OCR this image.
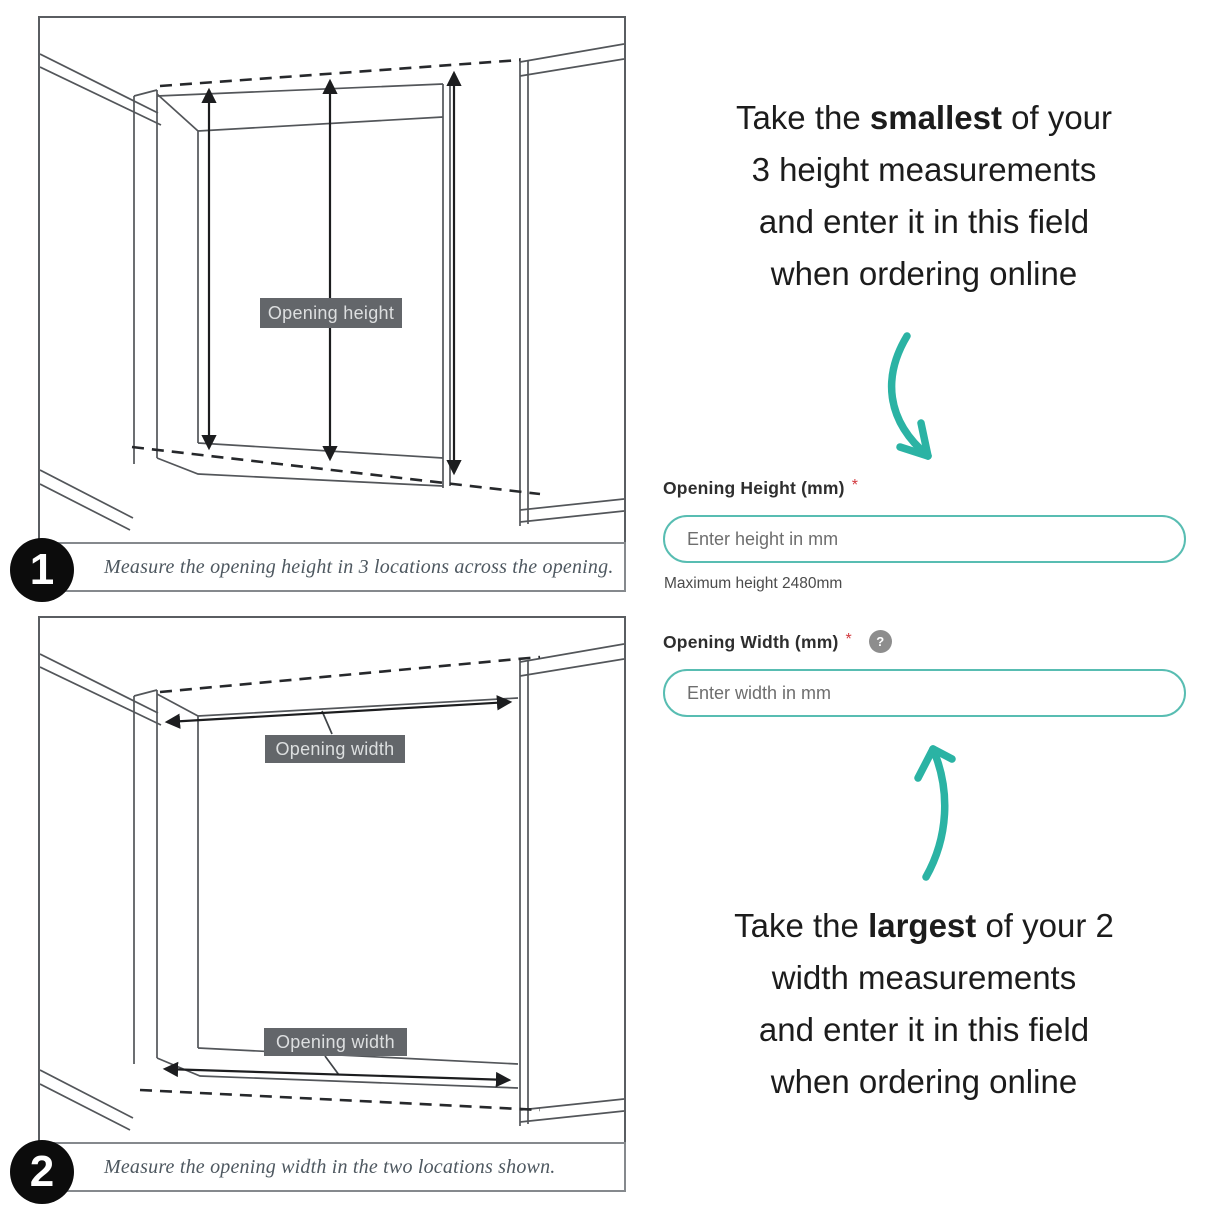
Opening height
Measure the opening height in 3 locations across the opening.
1
Opening width
Opening width
Measure the opening width in the two locations shown.
2
Take the smallest of your
3 height measurements
and enter it in this field
when ordering online
Opening Height (mm) *
Enter height in mm
Maximum height 2480mm
Opening Width (mm) *	?
Enter width in mm
Take the largest of your 2
width measurements
and enter it in this field
when ordering online
